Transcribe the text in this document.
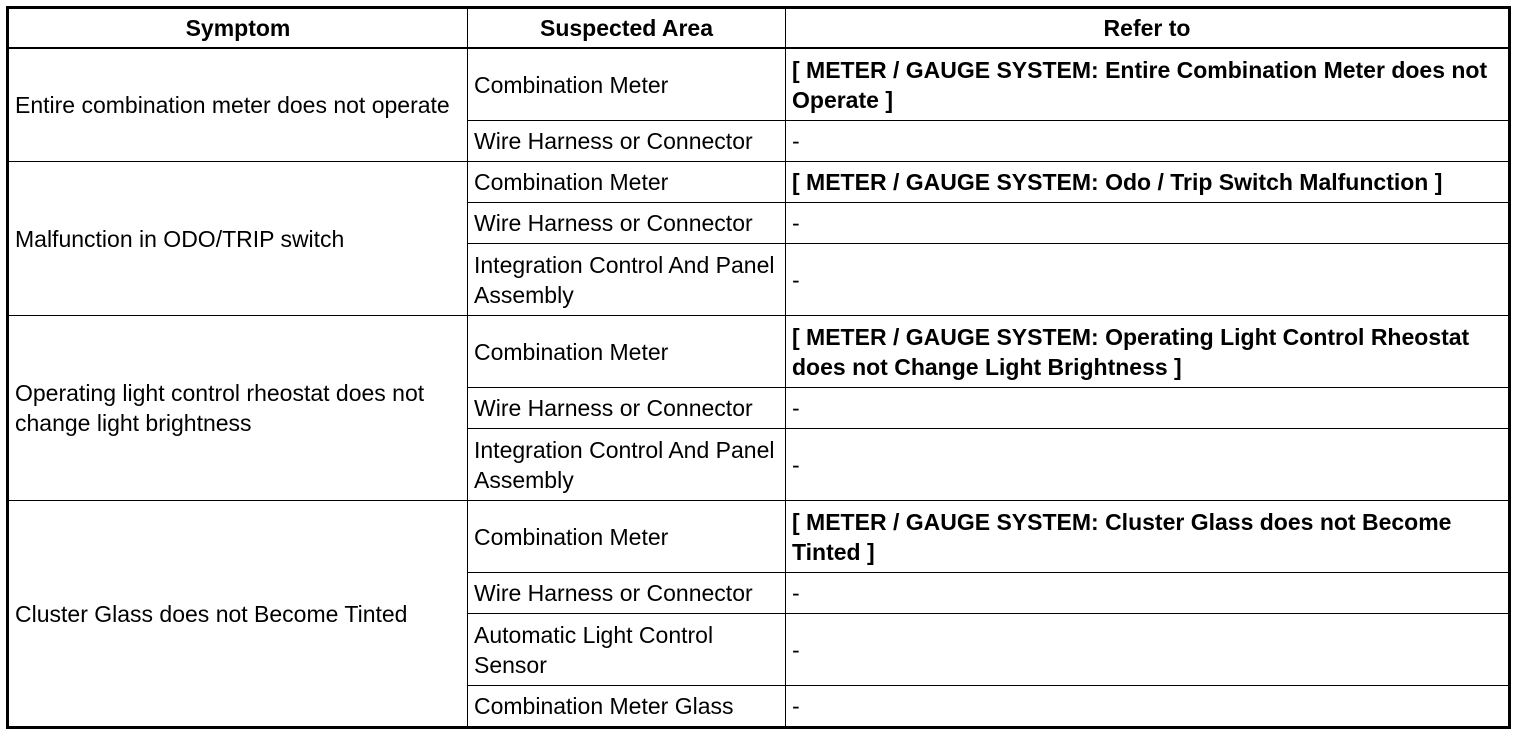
Symptom	Suspected Area	Refer to
Entire combination meter does not operate	Combination Meter	[ METER / GAUGE SYSTEM: Entire Combination Meter does not Operate ]
	Wire Harness or Connector	-
Malfunction in ODO/TRIP switch	Combination Meter	[ METER / GAUGE SYSTEM: Odo / Trip Switch Malfunction ]
	Wire Harness or Connector	-
	Integration Control And Panel Assembly	-
Operating light control rheostat does not change light brightness	Combination Meter	[ METER / GAUGE SYSTEM: Operating Light Control Rheostat does not Change Light Brightness ]
	Wire Harness or Connector	-
	Integration Control And Panel Assembly	-
Cluster Glass does not Become Tinted	Combination Meter	[ METER / GAUGE SYSTEM: Cluster Glass does not Become Tinted ]
	Wire Harness or Connector	-
	Automatic Light Control Sensor	-
	Combination Meter Glass	-
